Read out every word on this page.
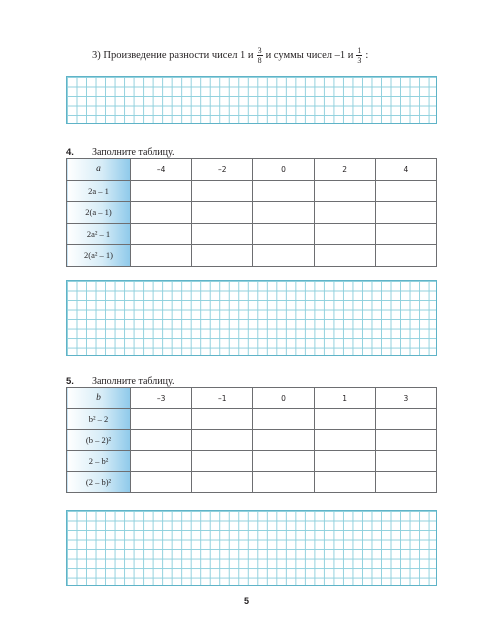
3) Произведение разности чисел 1 и $\frac{3}{8}$ и суммы чисел –1 и $\frac{1}{3}$ :
4. Заполните таблицу.
a	–4	–2	0	2	4
2a – 1					
2(a – 1)					
2a² – 1					
2(a² – 1)					
5. Заполните таблицу.
b	–3	–1	0	1	3
b² – 2					
(b – 2)²					
2 – b²					
(2 – b)²					
5
